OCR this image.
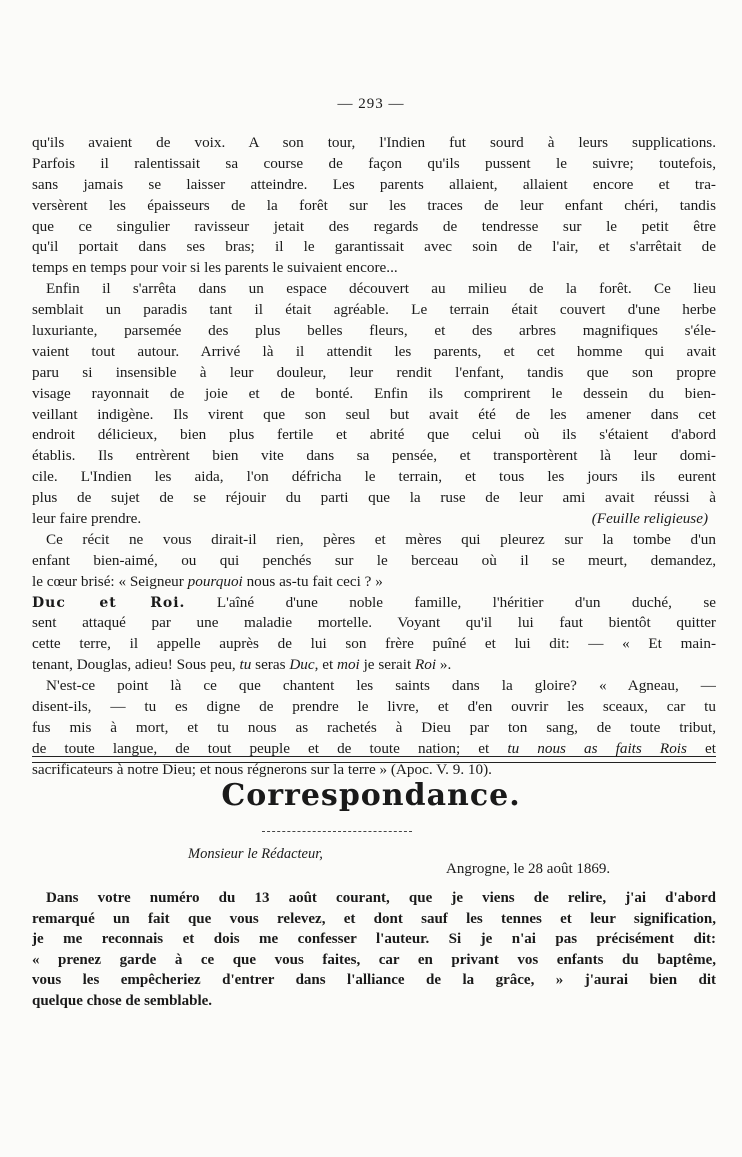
— 293 —
qu'ils avaient de voix. A son tour, l'Indien fut sourd à leurs supplications.
Parfois il ralentissait sa course de façon qu'ils pussent le suivre; toutefois,
sans jamais se laisser atteindre. Les parents allaient, allaient encore et tra-
versèrent les épaisseurs de la forêt sur les traces de leur enfant chéri, tandis
que ce singulier ravisseur jetait des regards de tendresse sur le petit être
qu'il portait dans ses bras; il le garantissait avec soin de l'air, et s'arrêtait de
temps en temps pour voir si les parents le suivaient encore...
Enfin il s'arrêta dans un espace découvert au milieu de la forêt. Ce lieu
semblait un paradis tant il était agréable. Le terrain était couvert d'une herbe
luxuriante, parsemée des plus belles fleurs, et des arbres magnifiques s'éle-
vaient tout autour. Arrivé là il attendit les parents, et cet homme qui avait
paru si insensible à leur douleur, leur rendit l'enfant, tandis que son propre
visage rayonnait de joie et de bonté. Enfin ils comprirent le dessein du bien-
veillant indigène. Ils virent que son seul but avait été de les amener dans cet
endroit délicieux, bien plus fertile et abrité que celui où ils s'étaient d'abord
établis. Ils entrèrent bien vite dans sa pensée, et transportèrent là leur domi-
cile. L'Indien les aida, l'on défricha le terrain, et tous les jours ils eurent
plus de sujet de se réjouir du parti que la ruse de leur ami avait réussi à
leur faire prendre.	(Feuille religieuse)
Ce récit ne vous dirait-il rien, pères et mères qui pleurez sur la tombe d'un
enfant bien-aimé, ou qui penchés sur le berceau où il se meurt, demandez,
le cœur brisé: « Seigneur pourquoi nous as-tu fait ceci ? »
Duc et Roi. L'aîné d'une noble famille, l'héritier d'un duché, se
sent attaqué par une maladie mortelle. Voyant qu'il lui faut bientôt quitter
cette terre, il appelle auprès de lui son frère puîné et lui dit: — « Et main-
tenant, Douglas, adieu! Sous peu, tu seras Duc, et moi je serait Roi ».
N'est-ce point là ce que chantent les saints dans la gloire? « Agneau, —
disent-ils, — tu es digne de prendre le livre, et d'en ouvrir les sceaux, car tu
fus mis à mort, et tu nous as rachetés à Dieu par ton sang, de toute tribut,
de toute langue, de tout peuple et de toute nation; et tu nous as faits Rois et
sacrificateurs à notre Dieu; et nous régnerons sur la terre » (Apoc. V. 9. 10).
Correspondance.
Monsieur le Rédacteur,
Angrogne, le 28 août 1869.
Dans votre numéro du 13 août courant, que je viens de relire, j'ai d'abord
remarqué un fait que vous relevez, et dont sauf les tennes et leur signification,
je me reconnais et dois me confesser l'auteur. Si je n'ai pas précisément dit:
« prenez garde à ce que vous faites, car en privant vos enfants du baptême,
vous les empêcheriez d'entrer dans l'alliance de la grâce, » j'aurai bien dit
quelque chose de semblable.
